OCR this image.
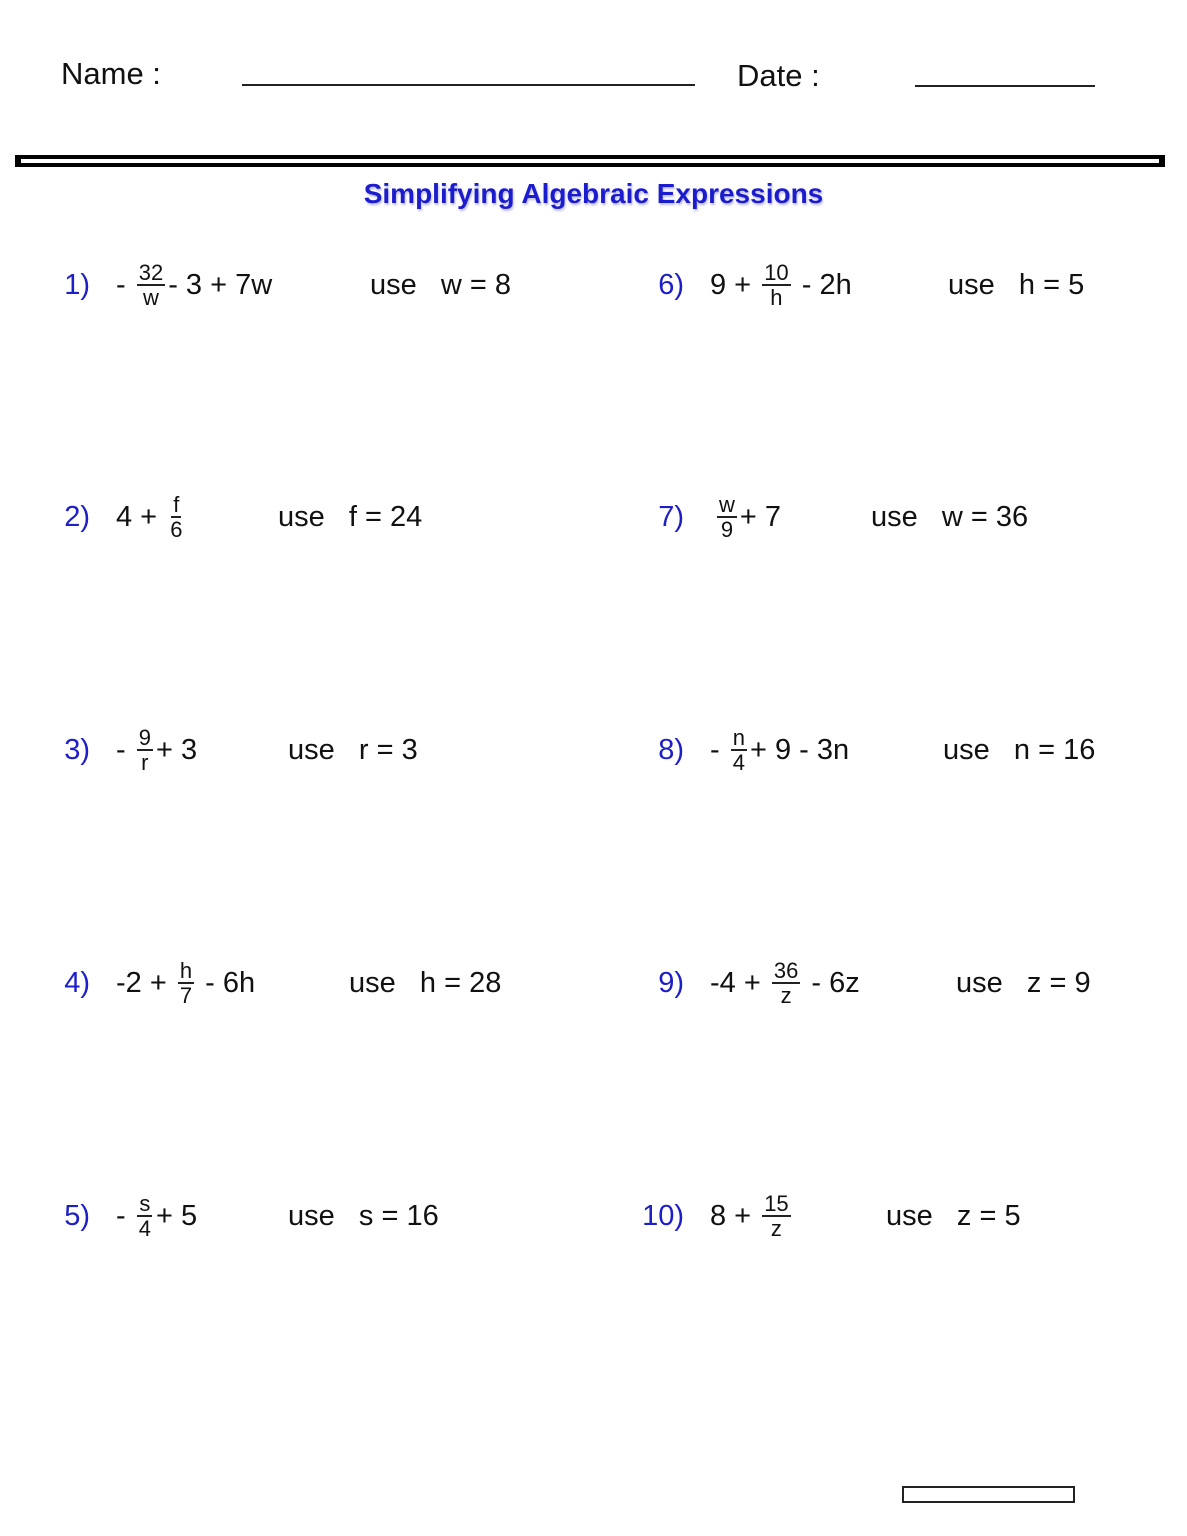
Name :	Date :
Simplifying Algebraic Expressions
$1) - \frac{32}{w} - 3 + 7w$	use   w = 8
2) $4 + \frac{f}{6}$	use   f = 24
$3) - \frac{9}{r} + 3$	use   r = 3
4) $-2 + \frac{h}{7} - 6h$	use   h = 28
$5) - \frac{s}{4} + 5$	use   s = 16
6) $9 + \frac{10}{h} - 2h$	use   h = 5
$7) \frac{w}{9} + 7$	use   w = 36
$8) - \frac{n}{4} + 9 - 3n$	use   n = 16
9) $-4 + \frac{36}{z} - 6z$	use   z = 9
10) $8 + \frac{15}{z}$	use   z = 5
